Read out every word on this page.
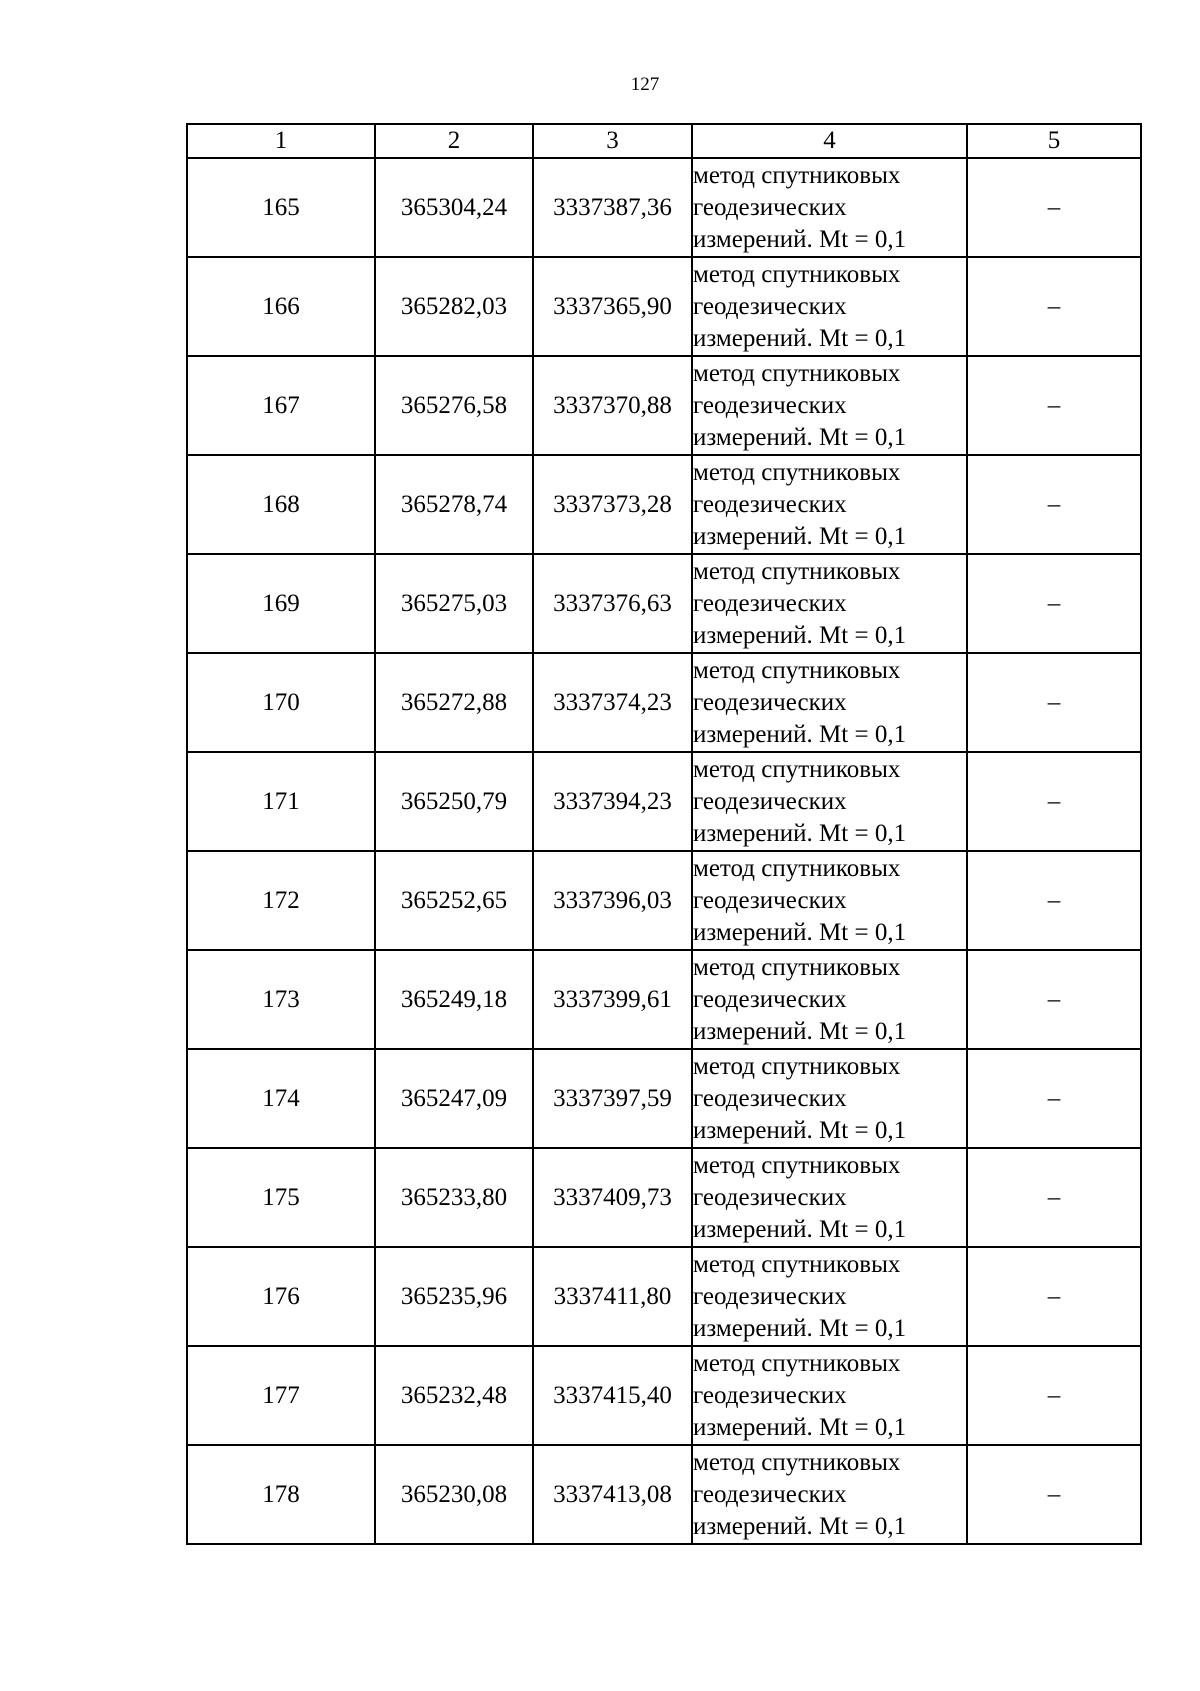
127
1	2	3	4	5
165	365304,24	3337387,36	метод спутниковых
геодезических
измерений. Mt = 0,1	–
166	365282,03	3337365,90	метод спутниковых
геодезических
измерений. Mt = 0,1	–
167	365276,58	3337370,88	метод спутниковых
геодезических
измерений. Mt = 0,1	–
168	365278,74	3337373,28	метод спутниковых
геодезических
измерений. Mt = 0,1	–
169	365275,03	3337376,63	метод спутниковых
геодезических
измерений. Mt = 0,1	–
170	365272,88	3337374,23	метод спутниковых
геодезических
измерений. Mt = 0,1	–
171	365250,79	3337394,23	метод спутниковых
геодезических
измерений. Mt = 0,1	–
172	365252,65	3337396,03	метод спутниковых
геодезических
измерений. Mt = 0,1	–
173	365249,18	3337399,61	метод спутниковых
геодезических
измерений. Mt = 0,1	–
174	365247,09	3337397,59	метод спутниковых
геодезических
измерений. Mt = 0,1	–
175	365233,80	3337409,73	метод спутниковых
геодезических
измерений. Mt = 0,1	–
176	365235,96	3337411,80	метод спутниковых
геодезических
измерений. Mt = 0,1	–
177	365232,48	3337415,40	метод спутниковых
геодезических
измерений. Mt = 0,1	–
178	365230,08	3337413,08	метод спутниковых
геодезических
измерений. Mt = 0,1	–
